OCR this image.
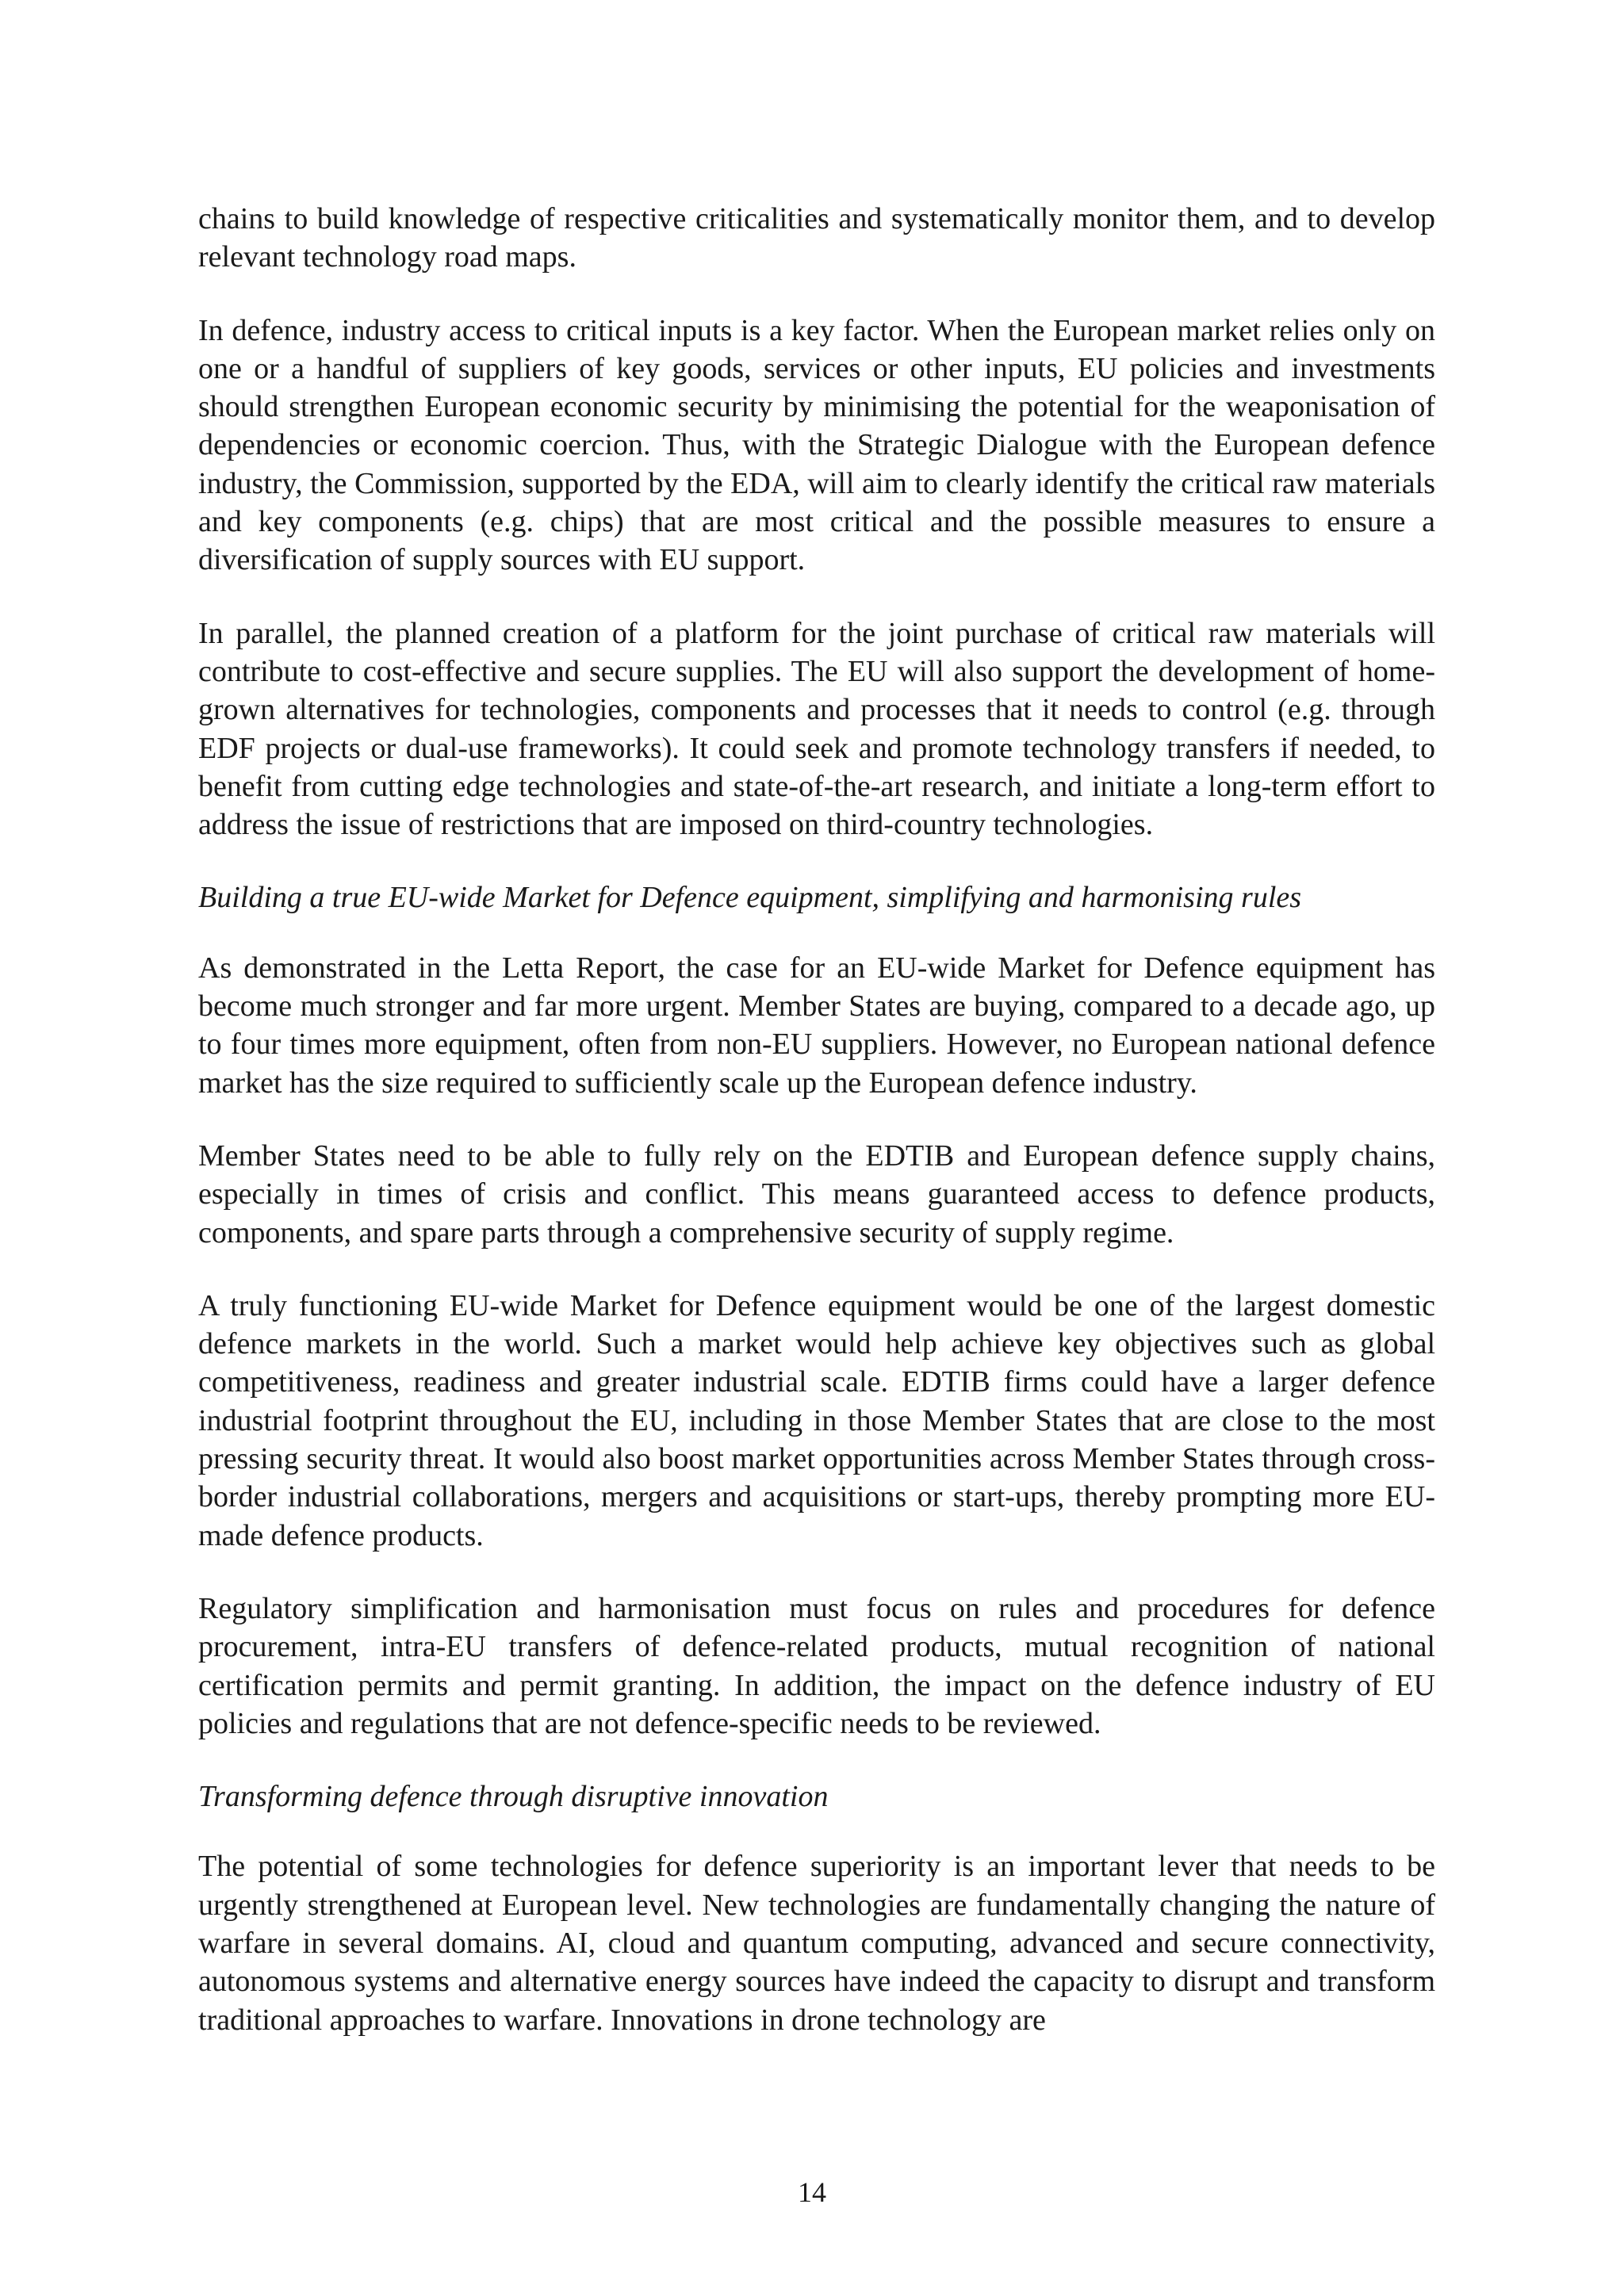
chains to build knowledge of respective criticalities and systematically monitor them, and to develop relevant technology road maps.

In defence, industry access to critical inputs is a key factor. When the European market relies only on one or a handful of suppliers of key goods, services or other inputs, EU policies and investments should strengthen European economic security by minimising the potential for the weaponisation of dependencies or economic coercion. Thus, with the Strategic Dialogue with the European defence industry, the Commission, supported by the EDA, will aim to clearly identify the critical raw materials and key components (e.g. chips) that are most critical and the possible measures to ensure a diversification of supply sources with EU support.

In parallel, the planned creation of a platform for the joint purchase of critical raw materials will contribute to cost-effective and secure supplies. The EU will also support the development of home-grown alternatives for technologies, components and processes that it needs to control (e.g. through EDF projects or dual-use frameworks). It could seek and promote technology transfers if needed, to benefit from cutting edge technologies and state-of-the-art research, and initiate a long-term effort to address the issue of restrictions that are imposed on third-country technologies.

Building a true EU-wide Market for Defence equipment, simplifying and harmonising rules

As demonstrated in the Letta Report, the case for an EU-wide Market for Defence equipment has become much stronger and far more urgent. Member States are buying, compared to a decade ago, up to four times more equipment, often from non-EU suppliers. However, no European national defence market has the size required to sufficiently scale up the European defence industry.

Member States need to be able to fully rely on the EDTIB and European defence supply chains, especially in times of crisis and conflict. This means guaranteed access to defence products, components, and spare parts through a comprehensive security of supply regime.

A truly functioning EU-wide Market for Defence equipment would be one of the largest domestic defence markets in the world. Such a market would help achieve key objectives such as global competitiveness, readiness and greater industrial scale. EDTIB firms could have a larger defence industrial footprint throughout the EU, including in those Member States that are close to the most pressing security threat. It would also boost market opportunities across Member States through cross-border industrial collaborations, mergers and acquisitions or start-ups, thereby prompting more EU-made defence products.

Regulatory simplification and harmonisation must focus on rules and procedures for defence procurement, intra-EU transfers of defence-related products, mutual recognition of national certification permits and permit granting. In addition, the impact on the defence industry of EU policies and regulations that are not defence-specific needs to be reviewed.

Transforming defence through disruptive innovation

The potential of some technologies for defence superiority is an important lever that needs to be urgently strengthened at European level. New technologies are fundamentally changing the nature of warfare in several domains. AI, cloud and quantum computing, advanced and secure connectivity, autonomous systems and alternative energy sources have indeed the capacity to disrupt and transform traditional approaches to warfare. Innovations in drone technology are

14
